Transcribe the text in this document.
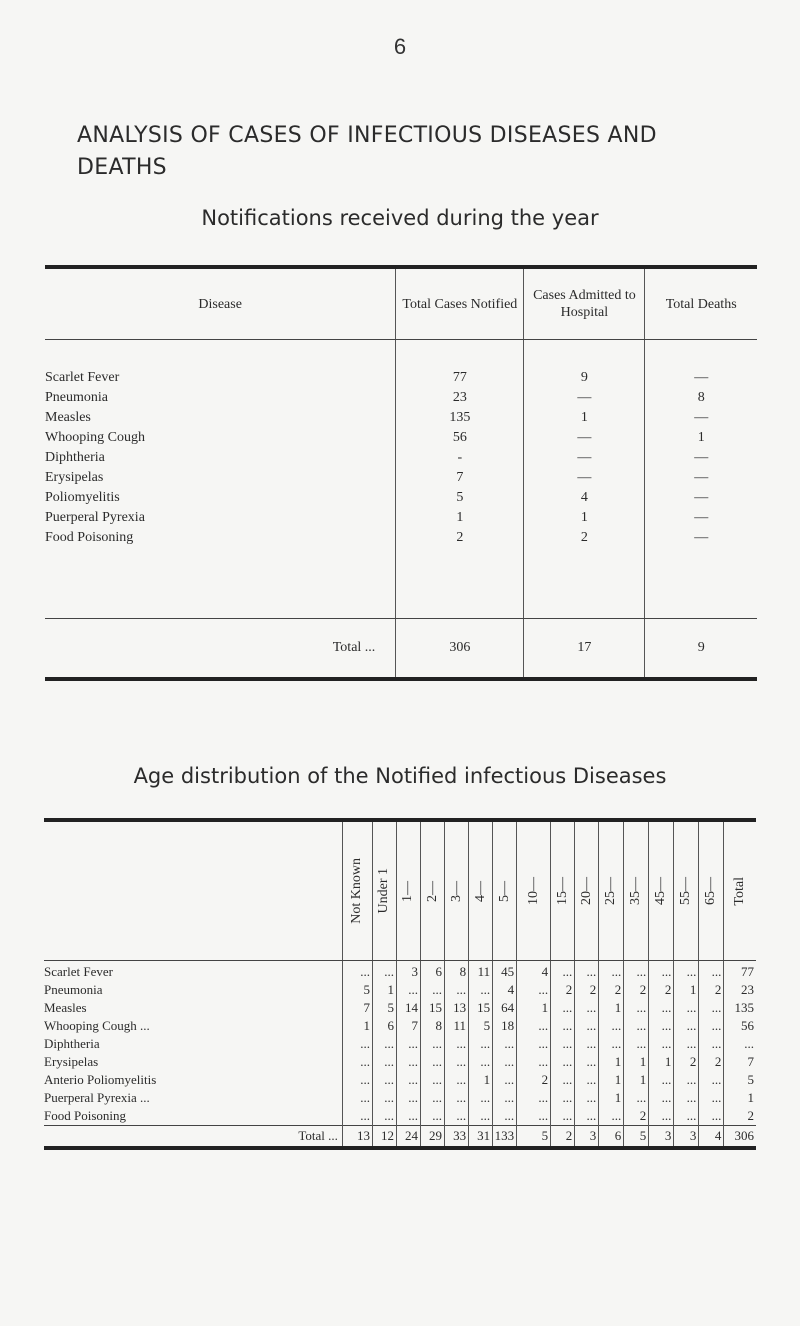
6
ANALYSIS OF CASES OF INFECTIOUS DISEASES AND DEATHS
Notifications received during the year
Disease	Total Cases Notified	Cases Admitted to Hospital	Total Deaths

Scarlet Fever	77	9	—
Pneumonia	23	—	8
Measles	135	1	—
Whooping Cough	56	—	1
Diphtheria	-	—	—
Erysipelas	7	—	—
Poliomyelitis	5	4	—
Puerperal Pyrexia	1	1	—
Food Poisoning	2	2	—

Total ...	306	17	9
Age distribution of the Notified infectious Diseases

	Not Known	Under 1	1—	2—	3—	4—	5—	10—	15—	20—	25—	35—	45—	55—	65—	Total

Scarlet Fever	...	...	3	6	8	11	45	4	...	...	...	...	...	...	...	77
Pneumonia	5	1	...	...	...	...	4	...	2	2	2	2	2	1	2	23
Measles	7	5	14	15	13	15	64	1	...	...	1	...	...	...	...	135
Whooping Cough ...	1	6	7	8	11	5	18	...	...	...	...	...	...	...	...	56
Diphtheria	...	...	...	...	...	...	...	...	...	...	...	...	...	...	...	...
Erysipelas	...	...	...	...	...	...	...	...	...	...	1	1	1	2	2	7
Anterio Poliomyelitis	...	...	...	...	...	1	...	2	...	...	1	1	...	...	...	5
Puerperal Pyrexia ...	...	...	...	...	...	...	...	...	...	...	1	...	...	...	...	1
Food Poisoning	...	...	...	...	...	...	...	...	...	...	...	2	...	...	...	2
Total ...	13	12	24	29	33	31	133	5	2	3	6	5	3	3	4	306
